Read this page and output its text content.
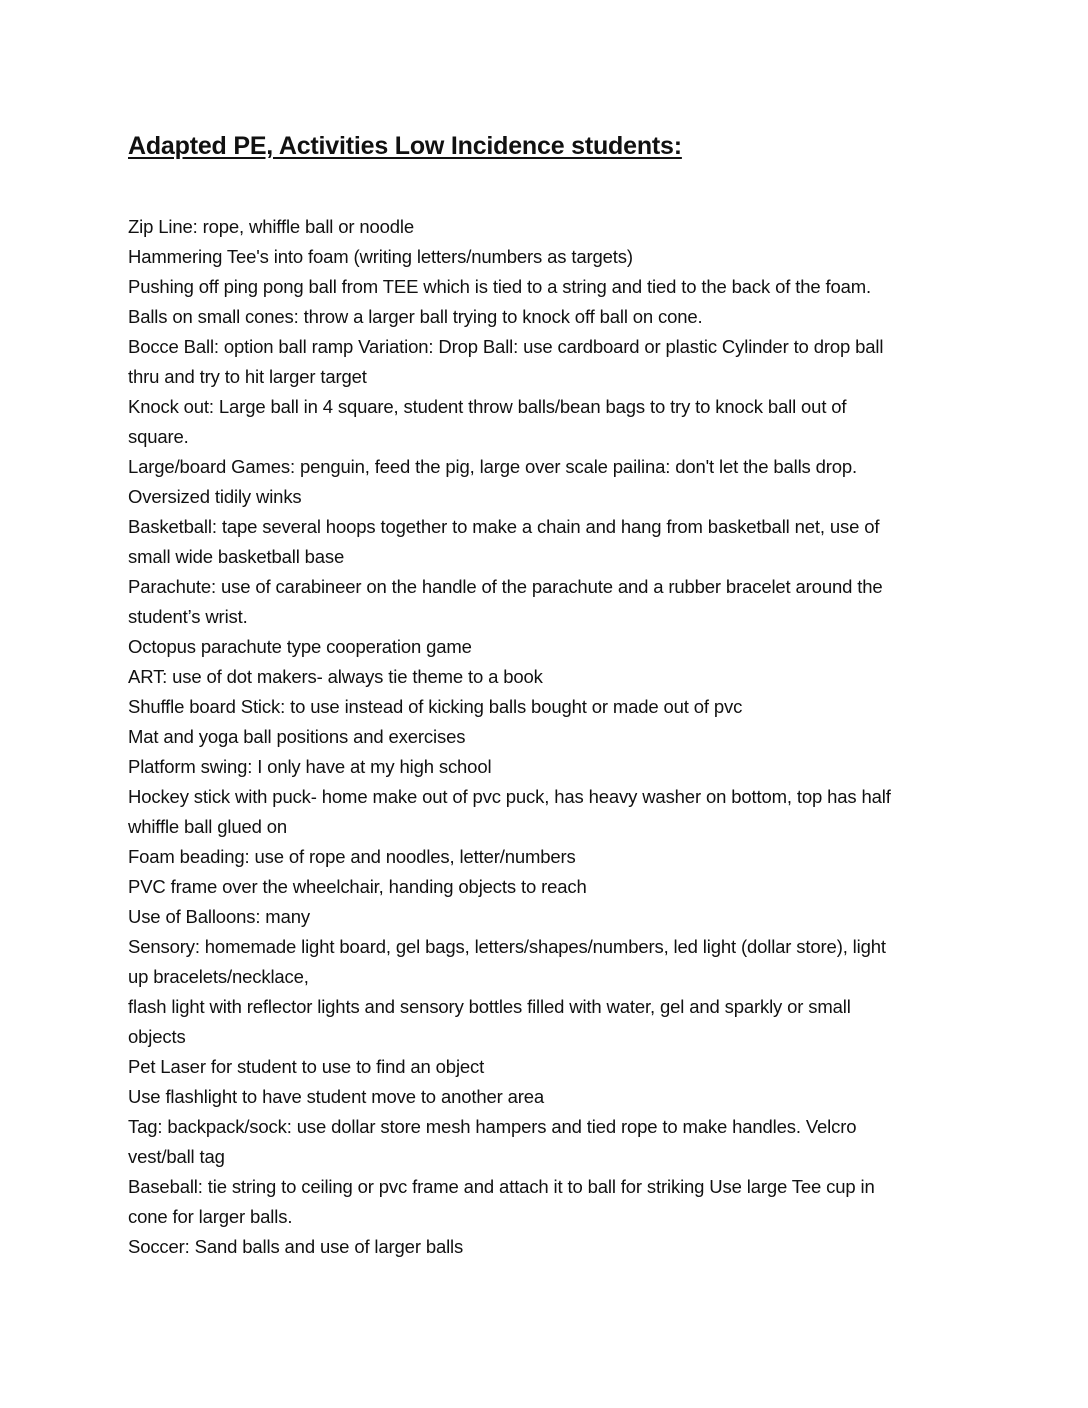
Adapted PE, Activities Low Incidence students:
Zip Line: rope, whiffle ball or noodle
Hammering Tee's into foam (writing letters/numbers as targets)
Pushing off ping pong ball from TEE which is tied to a string and tied to the back of the foam.
Balls on small cones: throw a larger ball trying to knock off ball on cone.
Bocce Ball: option ball ramp Variation: Drop Ball: use cardboard or plastic Cylinder to drop ball
thru and try to hit larger target
Knock out: Large ball in 4 square, student throw balls/bean bags to try to knock ball out of
square.
Large/board Games: penguin, feed the pig, large over scale pailina: don't let the balls drop.
Oversized tidily winks
Basketball: tape several hoops together to make a chain and hang from basketball net, use of
small wide basketball base
Parachute: use of carabineer on the handle of the parachute and a rubber bracelet around the
student’s wrist.
Octopus parachute type cooperation game
ART: use of dot makers- always tie theme to a book
Shuffle board Stick: to use instead of kicking balls bought or made out of pvc
Mat and yoga ball positions and exercises
Platform swing: I only have at my high school
Hockey stick with puck- home make out of pvc puck, has heavy washer on bottom, top has half
whiffle ball glued on
Foam beading: use of rope and noodles, letter/numbers
PVC frame over the wheelchair, handing objects to reach
Use of Balloons: many
Sensory: homemade light board, gel bags, letters/shapes/numbers, led light (dollar store), light
up bracelets/necklace,
flash light with reflector lights and sensory bottles filled with water, gel and sparkly or small
objects
Pet Laser for student to use to find an object
Use flashlight to have student move to another area
Tag: backpack/sock: use dollar store mesh hampers and tied rope to make handles. Velcro
vest/ball tag
Baseball: tie string to ceiling or pvc frame and attach it to ball for striking Use large Tee cup in
cone for larger balls.
Soccer: Sand balls and use of larger balls
